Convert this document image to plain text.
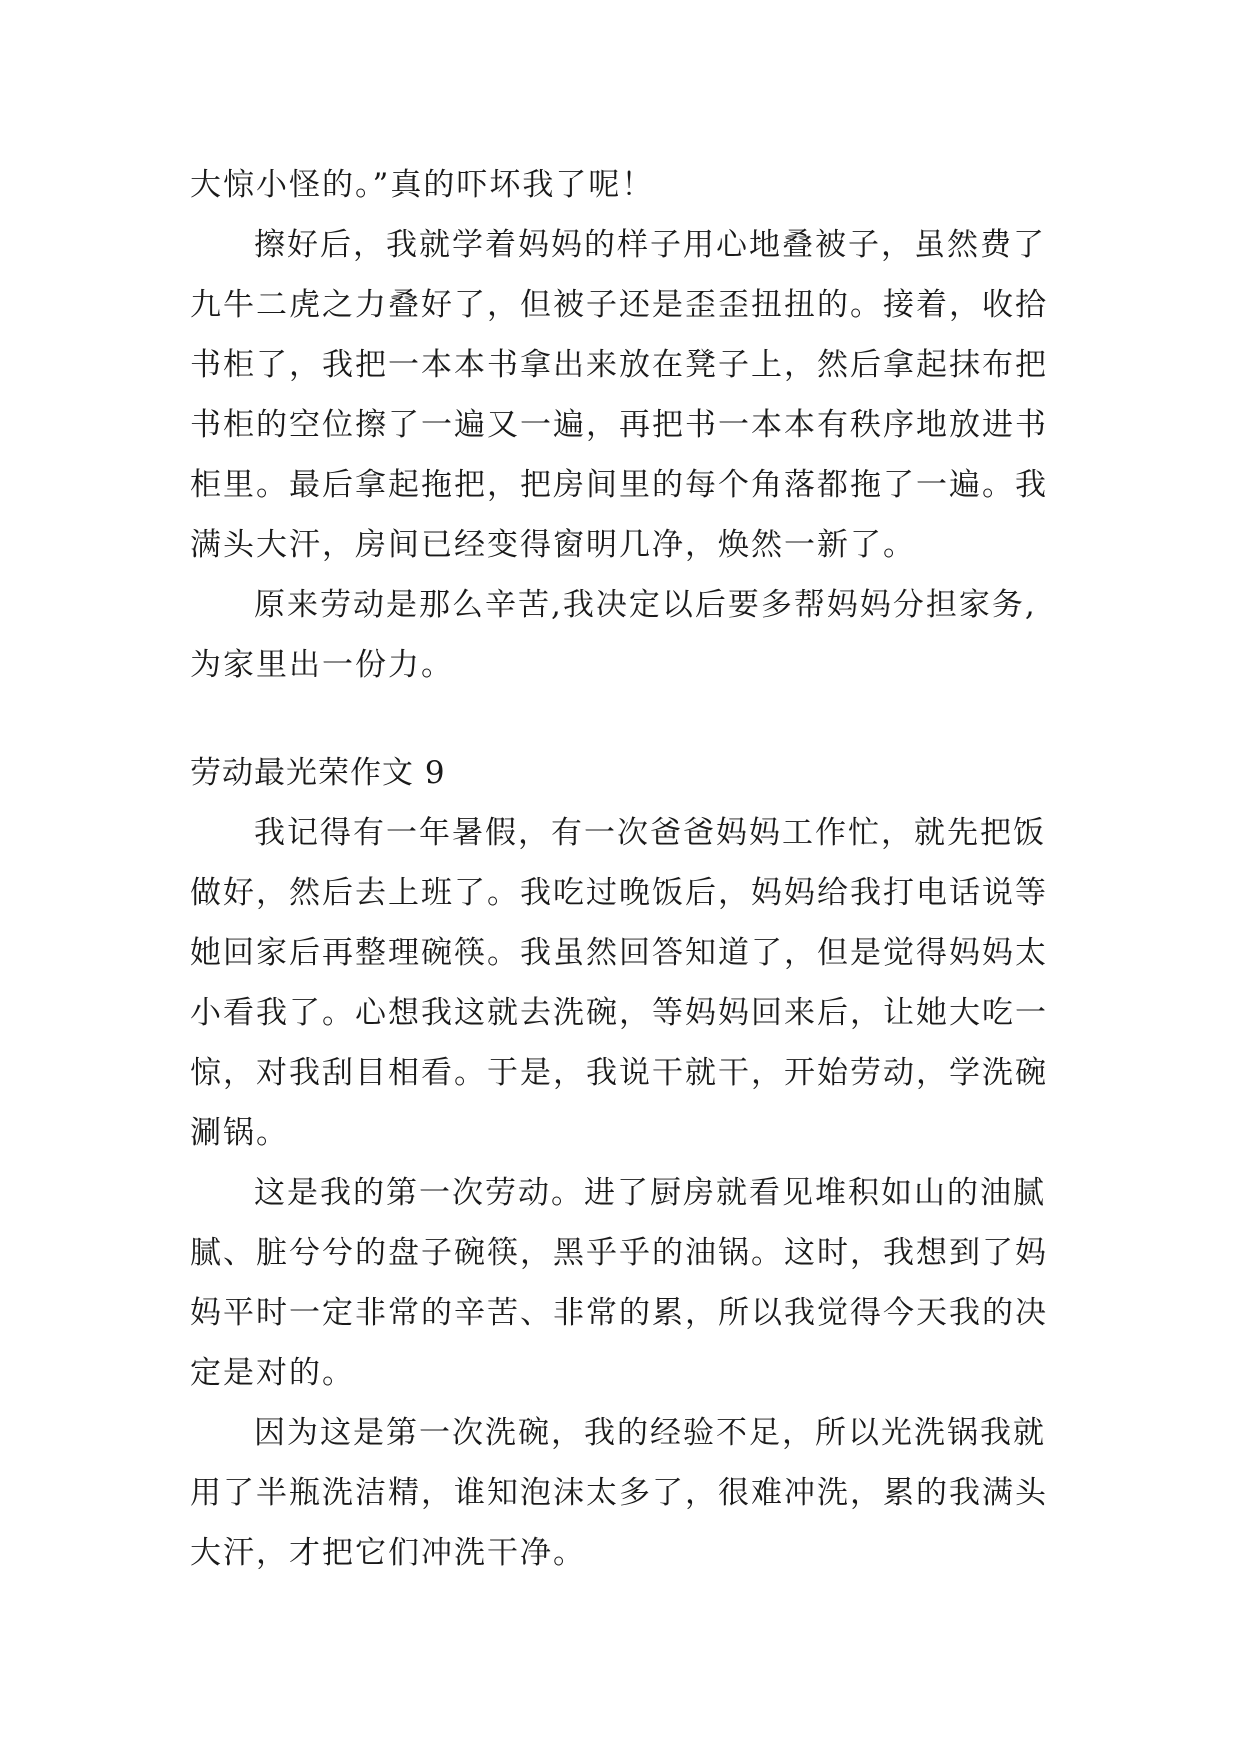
大惊小怪的。”真的吓坏我了呢！
擦好后，我就学着妈妈的样子用心地叠被子，虽然费了
九牛二虎之力叠好了，但被子还是歪歪扭扭的。接着，收拾
书柜了，我把一本本书拿出来放在凳子上，然后拿起抹布把
书柜的空位擦了一遍又一遍，再把书一本本有秩序地放进书
柜里。最后拿起拖把，把房间里的每个角落都拖了一遍。我
满头大汗，房间已经变得窗明几净，焕然一新了。
原来劳动是那么辛苦,我决定以后要多帮妈妈分担家务,
为家里出一份力。
劳动最光荣作文 9
我记得有一年暑假，有一次爸爸妈妈工作忙，就先把饭
做好，然后去上班了。我吃过晚饭后，妈妈给我打电话说等
她回家后再整理碗筷。我虽然回答知道了，但是觉得妈妈太
小看我了。心想我这就去洗碗，等妈妈回来后，让她大吃一
惊，对我刮目相看。于是，我说干就干，开始劳动，学洗碗
涮锅。
这是我的第一次劳动。进了厨房就看见堆积如山的油腻
腻、脏兮兮的盘子碗筷，黑乎乎的油锅。这时，我想到了妈
妈平时一定非常的辛苦、非常的累，所以我觉得今天我的决
定是对的。
因为这是第一次洗碗，我的经验不足，所以光洗锅我就
用了半瓶洗洁精，谁知泡沫太多了，很难冲洗，累的我满头
大汗，才把它们冲洗干净。
